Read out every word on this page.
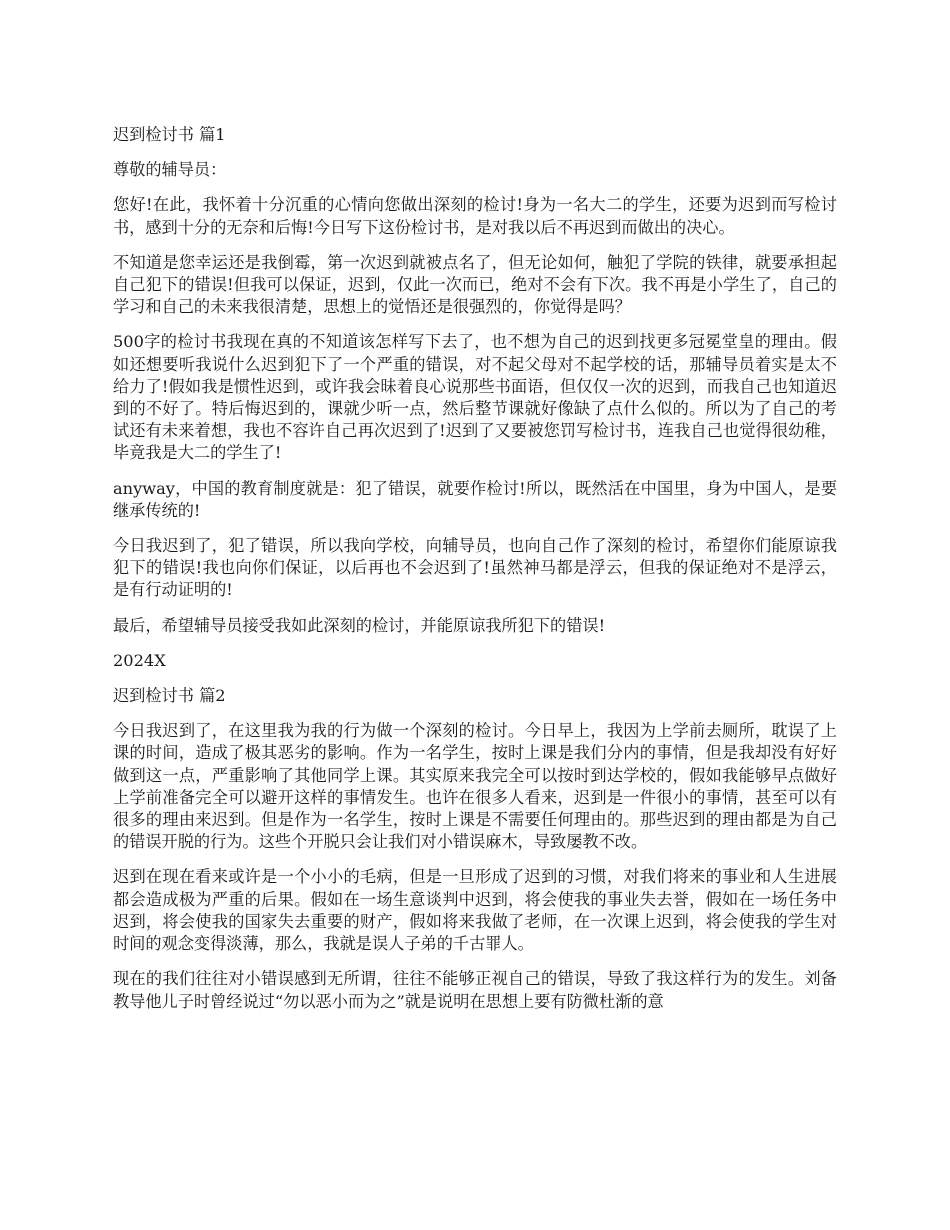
迟到检讨书 篇1

尊敬的辅导员：

您好!在此，我怀着十分沉重的心情向您做出深刻的检讨!身为一名大二的学生，还要为迟到而写检讨书，感到十分的无奈和后悔!今日写下这份检讨书，是对我以后不再迟到而做出的决心。

不知道是您幸运还是我倒霉，第一次迟到就被点名了，但无论如何，触犯了学院的铁律，就要承担起自己犯下的错误!但我可以保证，迟到，仅此一次而已，绝对不会有下次。我不再是小学生了，自己的学习和自己的未来我很清楚，思想上的觉悟还是很强烈的，你觉得是吗？

500字的检讨书我现在真的不知道该怎样写下去了，也不想为自己的迟到找更多冠冕堂皇的理由。假如还想要听我说什么迟到犯下了一个严重的错误，对不起父母对不起学校的话，那辅导员着实是太不给力了!假如我是惯性迟到，或许我会昧着良心说那些书面语，但仅仅一次的迟到，而我自己也知道迟到的不好了。特后悔迟到的，课就少听一点，然后整节课就好像缺了点什么似的。所以为了自己的考试还有未来着想，我也不容许自己再次迟到了!迟到了又要被您罚写检讨书，连我自己也觉得很幼稚，毕竟我是大二的学生了!

anyway，中国的教育制度就是：犯了错误，就要作检讨!所以，既然活在中国里，身为中国人，是要继承传统的!

今日我迟到了，犯了错误，所以我向学校，向辅导员，也向自己作了深刻的检讨，希望你们能原谅我犯下的错误!我也向你们保证，以后再也不会迟到了!虽然神马都是浮云，但我的保证绝对不是浮云，是有行动证明的!

最后，希望辅导员接受我如此深刻的检讨，并能原谅我所犯下的错误!

2024X

迟到检讨书 篇2

今日我迟到了，在这里我为我的行为做一个深刻的检讨。今日早上，我因为上学前去厕所，耽误了上课的时间，造成了极其恶劣的影响。作为一名学生，按时上课是我们分内的事情，但是我却没有好好做到这一点，严重影响了其他同学上课。其实原来我完全可以按时到达学校的，假如我能够早点做好上学前准备完全可以避开这样的事情发生。也许在很多人看来，迟到是一件很小的事情，甚至可以有很多的理由来迟到。但是作为一名学生，按时上课是不需要任何理由的。那些迟到的理由都是为自己的错误开脱的行为。这些个开脱只会让我们对小错误麻木，导致屡教不改。

迟到在现在看来或许是一个小小的毛病，但是一旦形成了迟到的习惯，对我们将来的事业和人生进展都会造成极为严重的后果。假如在一场生意谈判中迟到，将会使我的事业失去誉，假如在一场任务中迟到，将会使我的国家失去重要的财产，假如将来我做了老师，在一次课上迟到，将会使我的学生对时间的观念变得淡薄，那么，我就是误人子弟的千古罪人。

现在的我们往往对小错误感到无所谓，往往不能够正视自己的错误，导致了我这样行为的发生。刘备教导他儿子时曾经说过“勿以恶小而为之”就是说明在思想上要有防微杜渐的意
